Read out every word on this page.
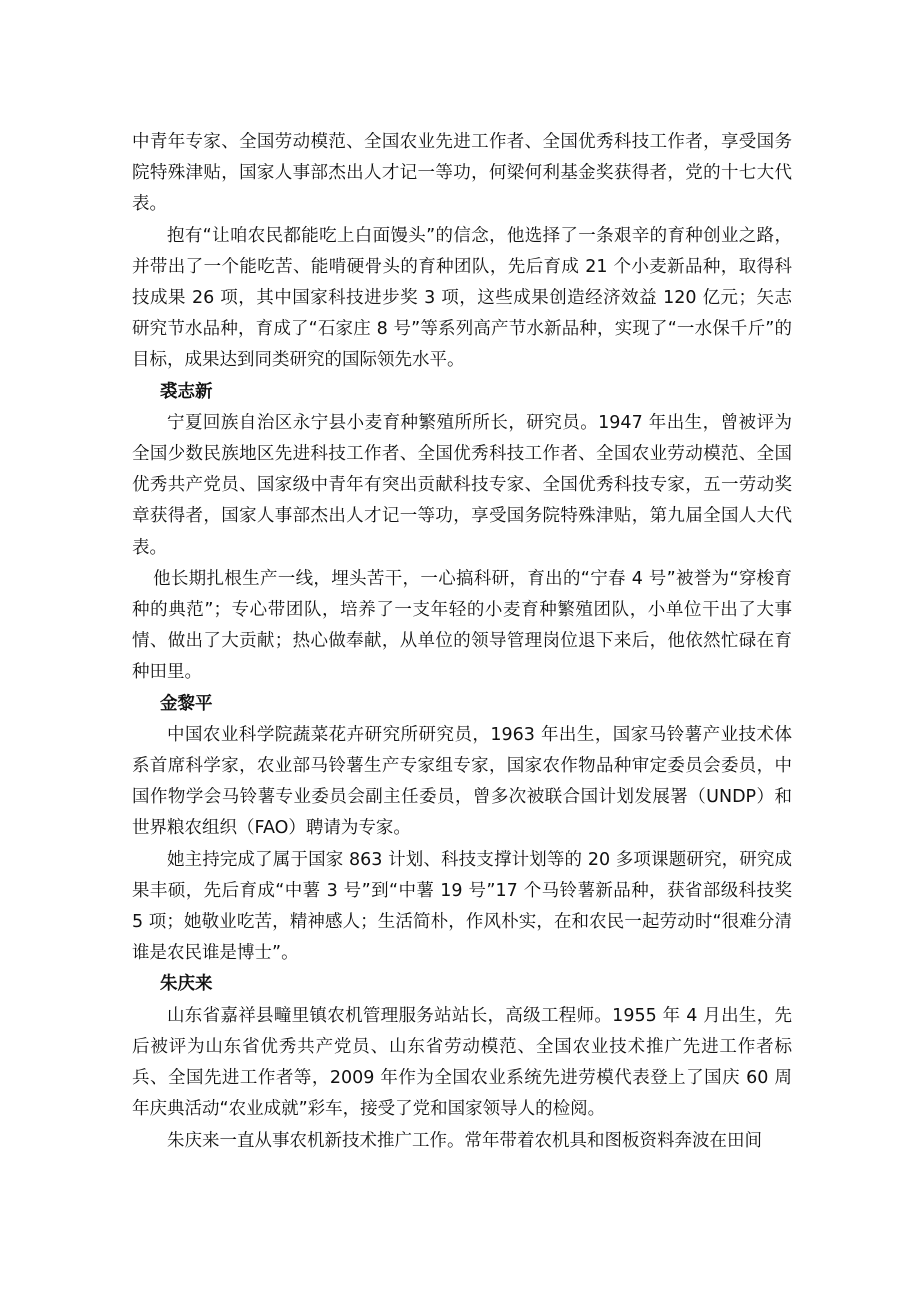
中青年专家、全国劳动模范、全国农业先进工作者、全国优秀科技工作者，享受国务院特殊津贴，国家人事部杰出人才记一等功，何梁何利基金奖获得者，党的十七大代表。

抱有“让咱农民都能吃上白面馒头”的信念，他选择了一条艰辛的育种创业之路，并带出了一个能吃苦、能啃硬骨头的育种团队，先后育成 21 个小麦新品种，取得科技成果 26 项，其中国家科技进步奖 3 项，这些成果创造经济效益 120 亿元；矢志研究节水品种，育成了“石家庄 8 号”等系列高产节水新品种，实现了“一水保千斤”的目标，成果达到同类研究的国际领先水平。

裘志新

宁夏回族自治区永宁县小麦育种繁殖所所长，研究员。1947 年出生，曾被评为全国少数民族地区先进科技工作者、全国优秀科技工作者、全国农业劳动模范、全国优秀共产党员、国家级中青年有突出贡献科技专家、全国优秀科技专家，五一劳动奖章获得者，国家人事部杰出人才记一等功，享受国务院特殊津贴，第九届全国人大代表。

他长期扎根生产一线，埋头苦干，一心搞科研，育出的“宁春 4 号”被誉为“穿梭育种的典范”；专心带团队，培养了一支年轻的小麦育种繁殖团队，小单位干出了大事情、做出了大贡献；热心做奉献，从单位的领导管理岗位退下来后，他依然忙碌在育种田里。

金黎平

中国农业科学院蔬菜花卉研究所研究员，1963 年出生，国家马铃薯产业技术体系首席科学家，农业部马铃薯生产专家组专家，国家农作物品种审定委员会委员，中国作物学会马铃薯专业委员会副主任委员，曾多次被联合国计划发展署（UNDP）和世界粮农组织（FAO）聘请为专家。

她主持完成了属于国家 863 计划、科技支撑计划等的 20 多项课题研究，研究成果丰硕，先后育成“中薯 3 号”到“中薯 19 号”17 个马铃薯新品种，获省部级科技奖 5 项；她敬业吃苦，精神感人；生活简朴，作风朴实，在和农民一起劳动时“很难分清谁是农民谁是博士”。

朱庆来

山东省嘉祥县疃里镇农机管理服务站站长，高级工程师。1955 年 4 月出生，先后被评为山东省优秀共产党员、山东省劳动模范、全国农业技术推广先进工作者标兵、全国先进工作者等，2009 年作为全国农业系统先进劳模代表登上了国庆 60 周年庆典活动“农业成就”彩车，接受了党和国家领导人的检阅。

朱庆来一直从事农机新技术推广工作。常年带着农机具和图板资料奔波在田间
